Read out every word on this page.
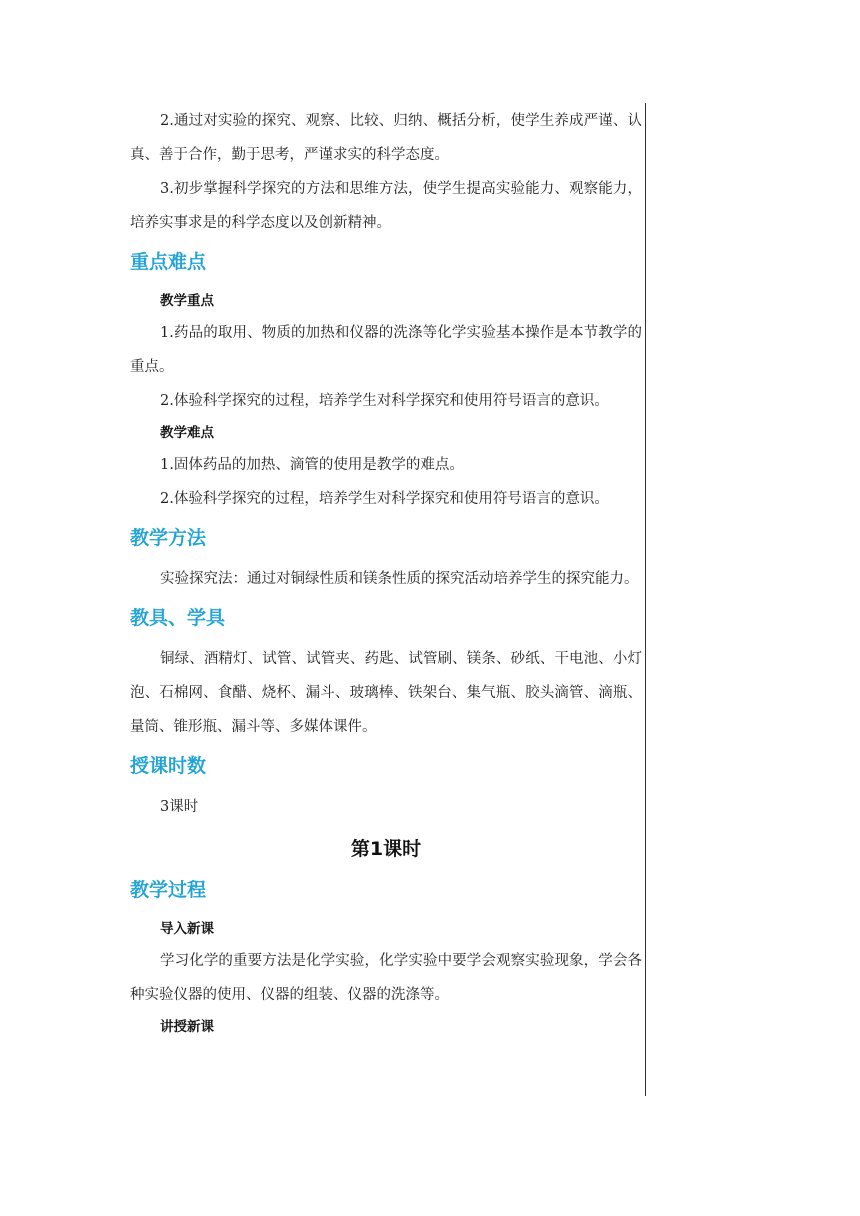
2.通过对实验的探究、观察、比较、归纳、概括分析，使学生养成严谨、认真、善于合作，勤于思考，严谨求实的科学态度。

3.初步掌握科学探究的方法和思维方法，使学生提高实验能力、观察能力，培养实事求是的科学态度以及创新精神。

重点难点
教学重点

1.药品的取用、物质的加热和仪器的洗涤等化学实验基本操作是本节教学的重点。

2.体验科学探究的过程，培养学生对科学探究和使用符号语言的意识。

教学难点

1.固体药品的加热、滴管的使用是教学的难点。

2.体验科学探究的过程，培养学生对科学探究和使用符号语言的意识。

教学方法

实验探究法：通过对铜绿性质和镁条性质的探究活动培养学生的探究能力。

教具、学具

铜绿、酒精灯、试管、试管夹、药匙、试管刷、镁条、砂纸、干电池、小灯泡、石棉网、食醋、烧杯、漏斗、玻璃棒、铁架台、集气瓶、胶头滴管、滴瓶、量筒、锥形瓶、漏斗等、多媒体课件。

授课时数

3课时

第1课时
教学过程
导入新课

学习化学的重要方法是化学实验，化学实验中要学会观察实验现象，学会各种实验仪器的使用、仪器的组装、仪器的洗涤等。

讲授新课
